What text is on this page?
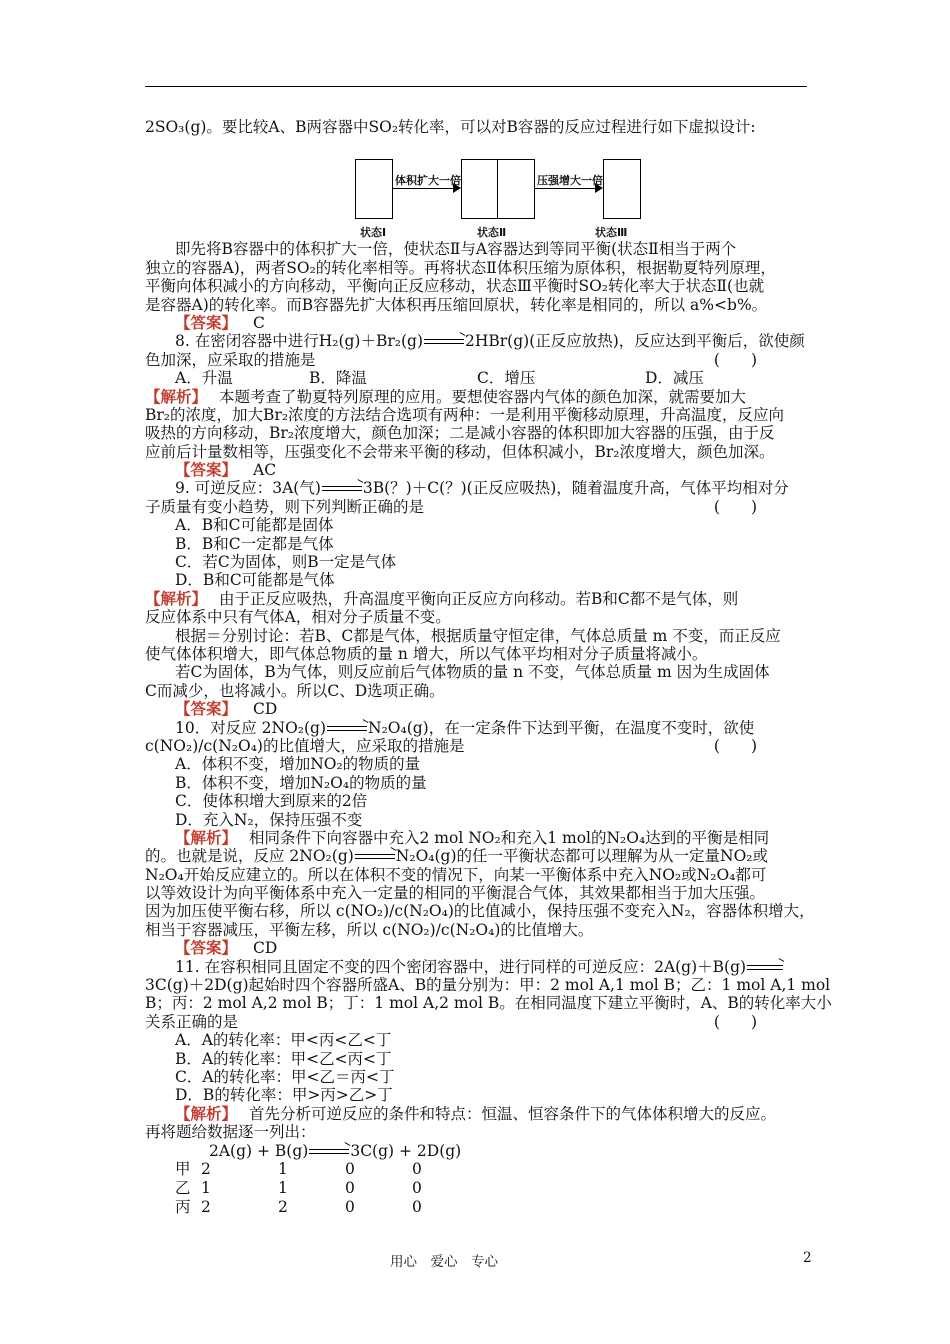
2SO₃(g)。要比较A、B两容器中SO₂转化率，可以对B容器的反应过程进行如下虚拟设计:
体积扩大一倍	压强增大一倍
状态Ⅰ	状态Ⅱ	状态Ⅲ
即先将B容器中的体积扩大一倍，使状态Ⅱ与A容器达到等同平衡(状态Ⅱ相当于两个
独立的容器A)，两者SO₂的转化率相等。再将状态Ⅱ体积压缩为原体积，根据勒夏特列原理，
平衡向体积减小的方向移动，平衡向正反应移动，状态Ⅲ平衡时SO₂转化率大于状态Ⅱ(也就
是容器A)的转化率。而B容器先扩大体积再压缩回原状，转化率是相同的，所以 a%<b%。
【答案】 C
8. 在密闭容器中进行H₂(g)＋Br₂(g)→2HBr(g)(正反应放热)，反应达到平衡后，欲使颜
色加深，应采取的措施是	(　　)
A．升温	B．降温	C．增压	D．减压
【解析】 本题考查了勒夏特列原理的应用。要想使容器内气体的颜色加深，就需要加大
Br₂的浓度，加大Br₂浓度的方法结合选项有两种：一是利用平衡移动原理，升高温度，反应向
吸热的方向移动，Br₂浓度增大，颜色加深；二是减小容器的体积即加大容器的压强，由于反
应前后计量数相等，压强变化不会带来平衡的移动，但体积减小，Br₂浓度增大，颜色加深。
【答案】 AC
9. 可逆反应：3A(气)→3B(？)＋C(？)(正反应吸热)，随着温度升高，气体平均相对分
子质量有变小趋势，则下列判断正确的是	(　　)
A．B和C可能都是固体
B．B和C一定都是气体
C．若C为固体，则B一定是气体
D．B和C可能都是气体
【解析】 由于正反应吸热，升高温度平衡向正反应方向移动。若B和C都不是气体，则
反应体系中只有气体A，相对分子质量不变。
根据＝分别讨论：若B、C都是气体，根据质量守恒定律，气体总质量 m 不变，而正反应
使气体体积增大，即气体总物质的量 n 增大，所以气体平均相对分子质量将减小。
若C为固体，B为气体，则反应前后气体物质的量 n 不变，气体总质量 m 因为生成固体
C而减少，也将减小。所以C、D选项正确。
【答案】 CD
10．对反应 2NO₂(g)→N₂O₄(g)，在一定条件下达到平衡，在温度不变时，欲使
c(NO₂)/c(N₂O₄)的比值增大，应采取的措施是	(　　)
A．体积不变，增加NO₂的物质的量
B．体积不变，增加N₂O₄的物质的量
C．使体积增大到原来的2倍
D．充入N₂，保持压强不变
【解析】 相同条件下向容器中充入2 mol NO₂和充入1 mol的N₂O₄达到的平衡是相同
的。也就是说，反应 2NO₂(g)→N₂O₄(g)的任一平衡状态都可以理解为从一定量NO₂或
N₂O₄开始反应建立的。所以在体积不变的情况下，向某一平衡体系中充入NO₂或N₂O₄都可
以等效设计为向平衡体系中充入一定量的相同的平衡混合气体，其效果都相当于加大压强。
因为加压使平衡右移，所以 c(NO₂)/c(N₂O₄)的比值减小，保持压强不变充入N₂，容器体积增大，
相当于容器减压，平衡左移，所以 c(NO₂)/c(N₂O₄)的比值增大。
【答案】 CD
11. 在容积相同且固定不变的四个密闭容器中，进行同样的可逆反应：2A(g)＋B(g)→
3C(g)＋2D(g)起始时四个容器所盛A、B的量分别为：甲：2 mol A,1 mol B；乙：1 mol A,1 mol
B；丙：2 mol A,2 mol B；丁：1 mol A,2 mol B。在相同温度下建立平衡时，A、B的转化率大小
关系正确的是	(　　)
A．A的转化率：甲<丙<乙<丁
B．A的转化率：甲<乙<丙<丁
C．A的转化率：甲<乙＝丙<丁
D．B的转化率：甲>丙>乙>丁
【解析】 首先分析可逆反应的条件和特点：恒温、恒容条件下的气体体积增大的反应。
再将题给数据逐一列出：
2A(g) + B(g)→3C(g) + 2D(g)
甲 2	1	0	0
乙 1	1	0	0
丙 2	2	0	0
用心　爱心　专心	2
